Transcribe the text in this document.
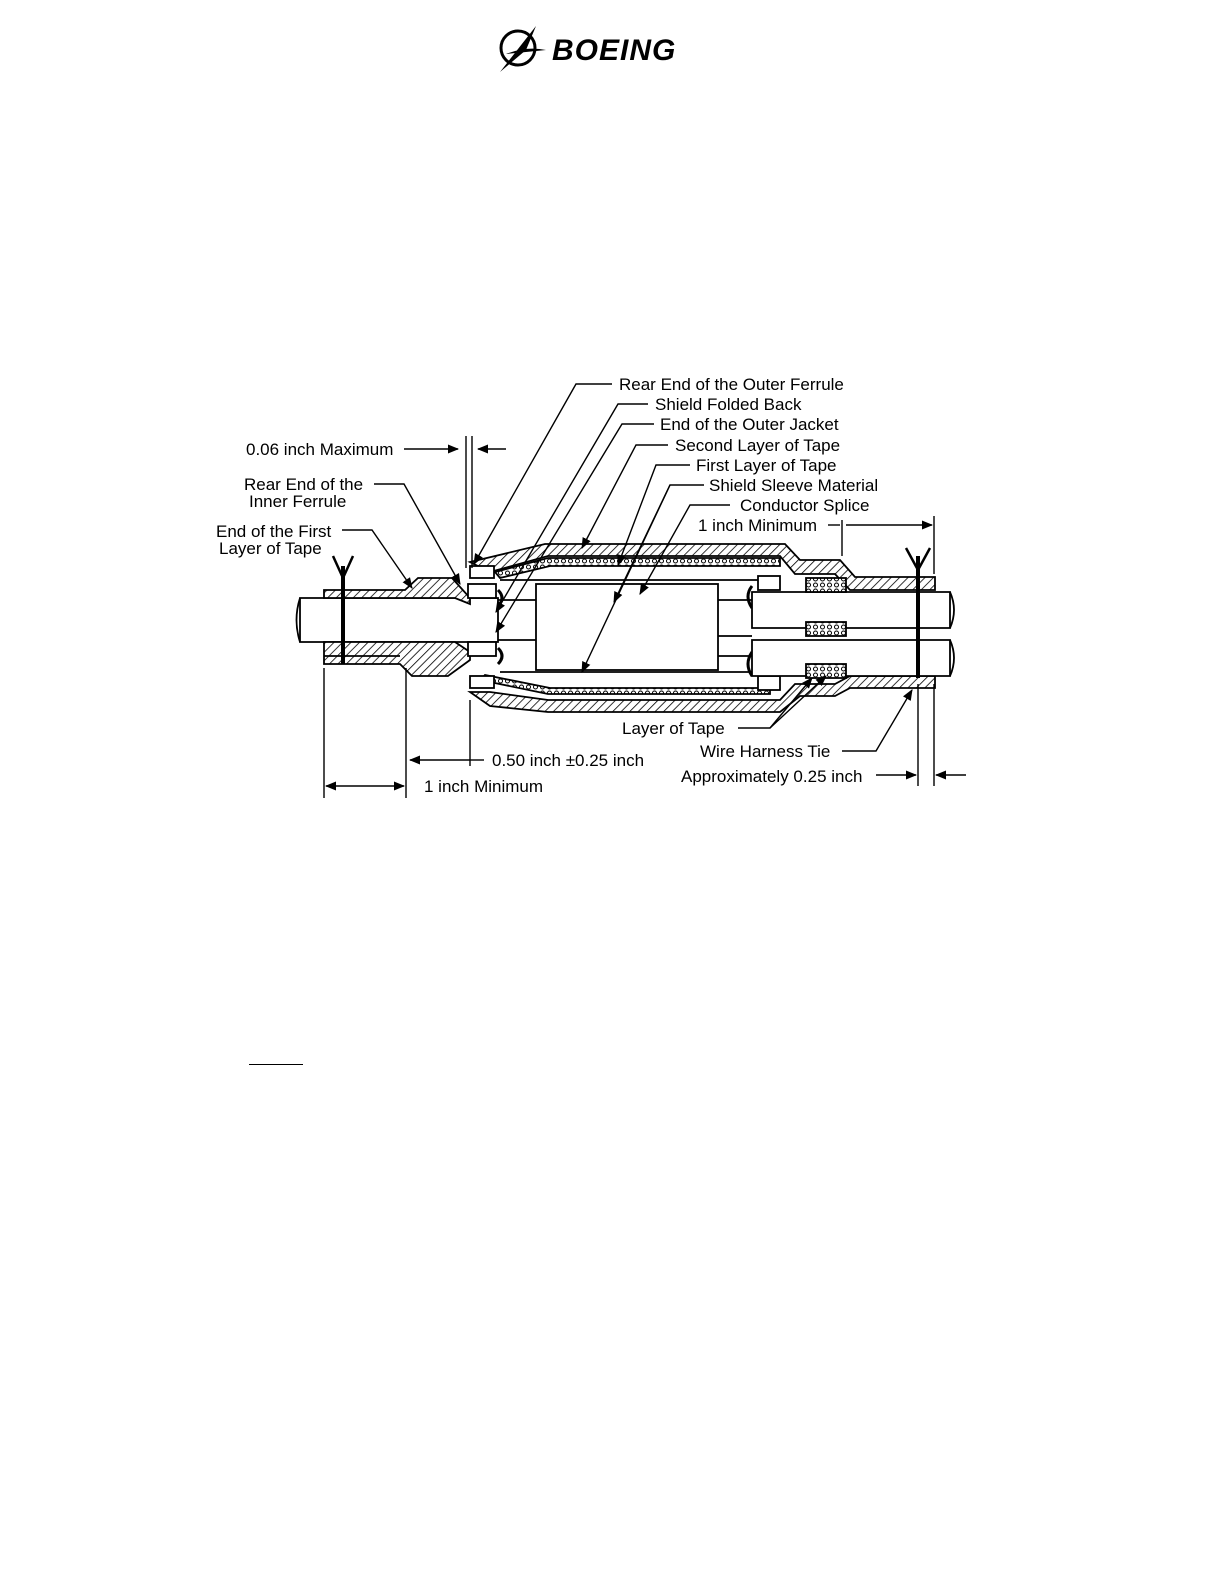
BOEING
Rear End of the Outer Ferrule
Shield Folded Back
End of the Outer Jacket
Second Layer of Tape
First Layer of Tape
Shield Sleeve Material
Conductor Splice
0.06 inch Maximum
Rear End of the
Inner Ferrule
End of the First
Layer of Tape
1 inch Minimum
Layer of Tape
Wire Harness Tie
0.50 inch ±0.25 inch
Approximately 0.25 inch
1 inch Minimum
